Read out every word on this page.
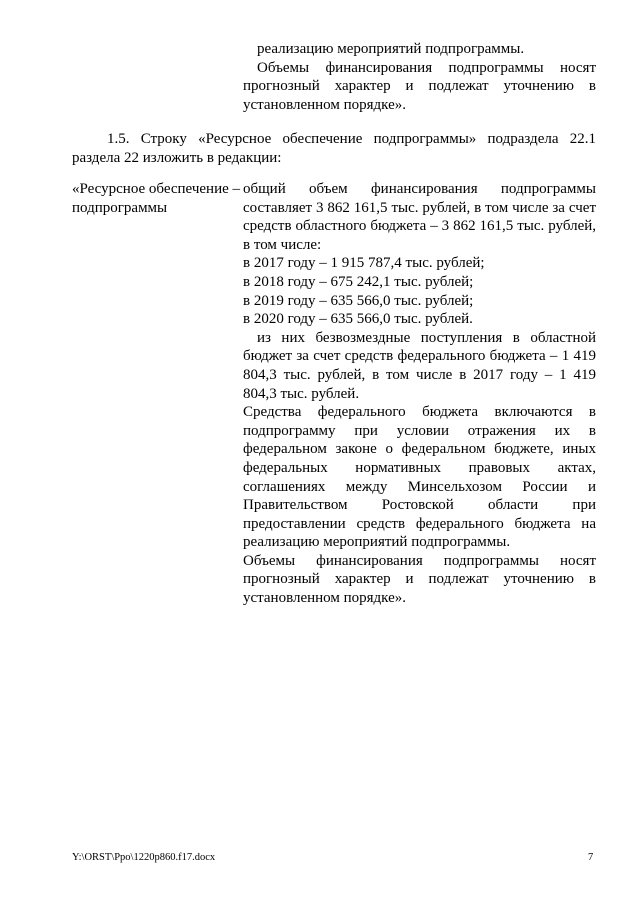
реализацию мероприятий подпрограммы.

Объемы финансирования подпрограммы носят прогнозный характер и подлежат уточнению в установленном порядке».

1.5. Строку «Ресурсное обеспечение подпрограммы» подраздела 22.1 раздела 22 изложить в редакции:

«Ресурсное обеспечение –
подпрограммы

общий объем финансирования подпрограммы составляет 3 862 161,5 тыс. рублей, в том числе за счет средств областного бюджета – 3 862 161,5 тыс. рублей, в том числе:

в 2017 году – 1 915 787,4 тыс. рублей;

в 2018 году – 675 242,1 тыс. рублей;

в 2019 году – 635 566,0 тыс. рублей;

в 2020 году – 635 566,0 тыс. рублей.

из них безвозмездные поступления в областной бюджет за счет средств федерального бюджета – 1 419 804,3 тыс. рублей, в том числе в 2017 году – 1 419 804,3 тыс. рублей.

Средства федерального бюджета включаются в подпрограмму при условии отражения их в федеральном законе о федеральном бюджете, иных федеральных нормативных правовых актах, соглашениях между Минсельхозом России и Правительством Ростовской области при предоставлении средств федерального бюджета на реализацию мероприятий подпрограммы.

Объемы финансирования подпрограммы носят прогнозный характер и подлежат уточнению в установленном порядке».

Y:\ORST\Ppo\1220p860.f17.docx	7
